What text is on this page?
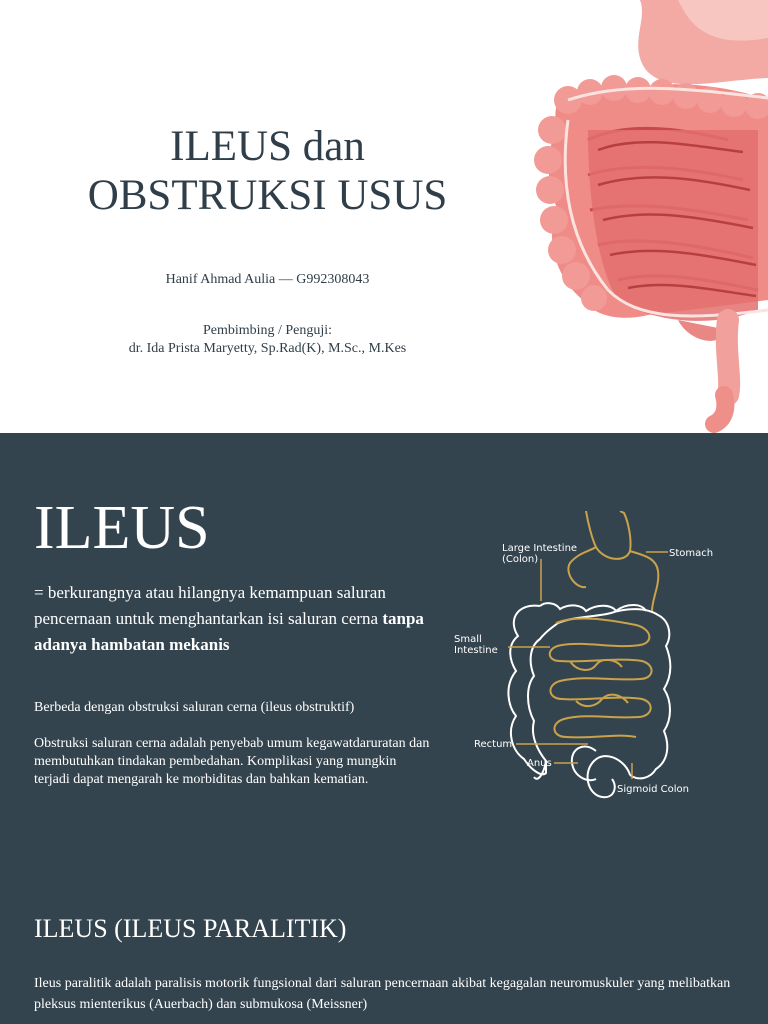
ILEUS dan
OBSTRUKSI USUS
Hanif Ahmad Aulia — G992308043
Pembimbing / Penguji:
dr. Ida Prista Maryetty, Sp.Rad(K), M.Sc., M.Kes
ILEUS
= berkurangnya atau hilangnya kemampuan saluran pencernaan untuk menghantarkan isi saluran cerna tanpa adanya hambatan mekanis
Berbeda dengan obstruksi saluran cerna (ileus obstruktif)
Obstruksi saluran cerna adalah penyebab umum kegawatdaruratan dan membutuhkan tindakan pembedahan. Komplikasi yang mungkin terjadi dapat mengarah ke morbiditas dan bahkan kematian.
Large Intestine
(Colon)
Stomach
Small
Intestine
Rectum
Anus
Sigmoid Colon
ILEUS (ILEUS PARALITIK)
Ileus paralitik adalah paralisis motorik fungsional dari saluran pencernaan akibat kegagalan neuromuskuler yang melibatkan pleksus mienterikus (Auerbach) dan submukosa (Meissner)
